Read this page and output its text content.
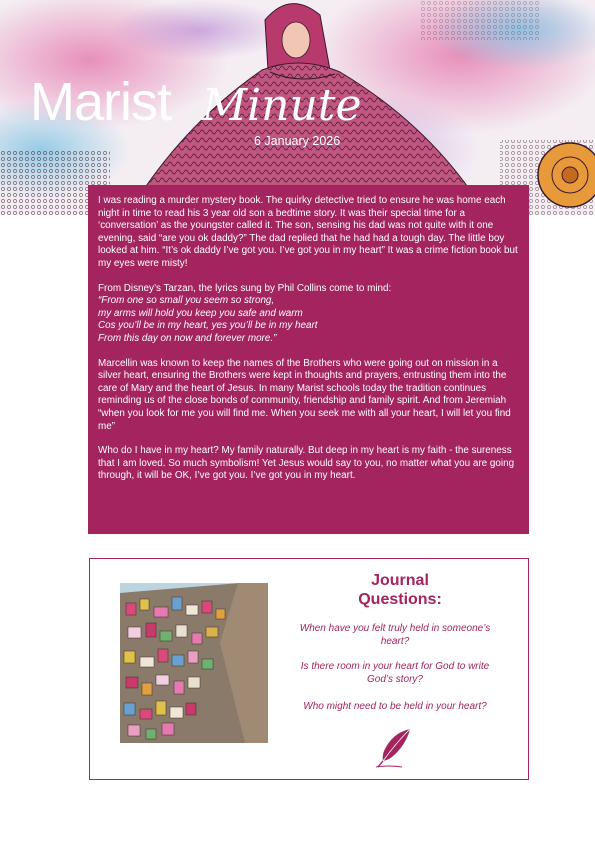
Marist Minute
6 January 2026

I was reading a murder mystery book. The quirky detective tried to ensure he was home each night in time to read his 3 year old son a bedtime story. It was their special time for a ‘conversation’ as the youngster called it. The son, sensing his dad was not quite with it one evening, said “are you ok daddy?” The dad replied that he had had a tough day. The little boy looked at him. “It’s ok daddy I’ve got you. I’ve got you in my heart” It was a crime fiction book but my eyes were misty!

From Disney’s Tarzan, the lyrics sung by Phil Collins come to mind:
“From one so small you seem so strong,
my arms will hold you keep you safe and warm
Cos you’ll be in my heart, yes you’ll be in my heart
From this day on now and forever more.”

Marcellin was known to keep the names of the Brothers who were going out on mission in a silver heart, ensuring the Brothers were kept in thoughts and prayers, entrusting them into the care of Mary and the heart of Jesus. In many Marist schools today the tradition continues reminding us of the close bonds of community, friendship and family spirit. And from Jeremiah “when you look for me you will find me. When you seek me with all your heart, I will let you find me”

Who do I have in my heart? My family naturally. But deep in my heart is my faith - the sureness that I am loved. So much symbolism! Yet Jesus would say to you, no matter what you are going through, it will be OK, I’ve got you. I’ve got you in my heart.

Journal
Questions:
When have you felt truly held in someone’s heart?
Is there room in your heart for God to write God’s story?
Who might need to be held in your heart?
